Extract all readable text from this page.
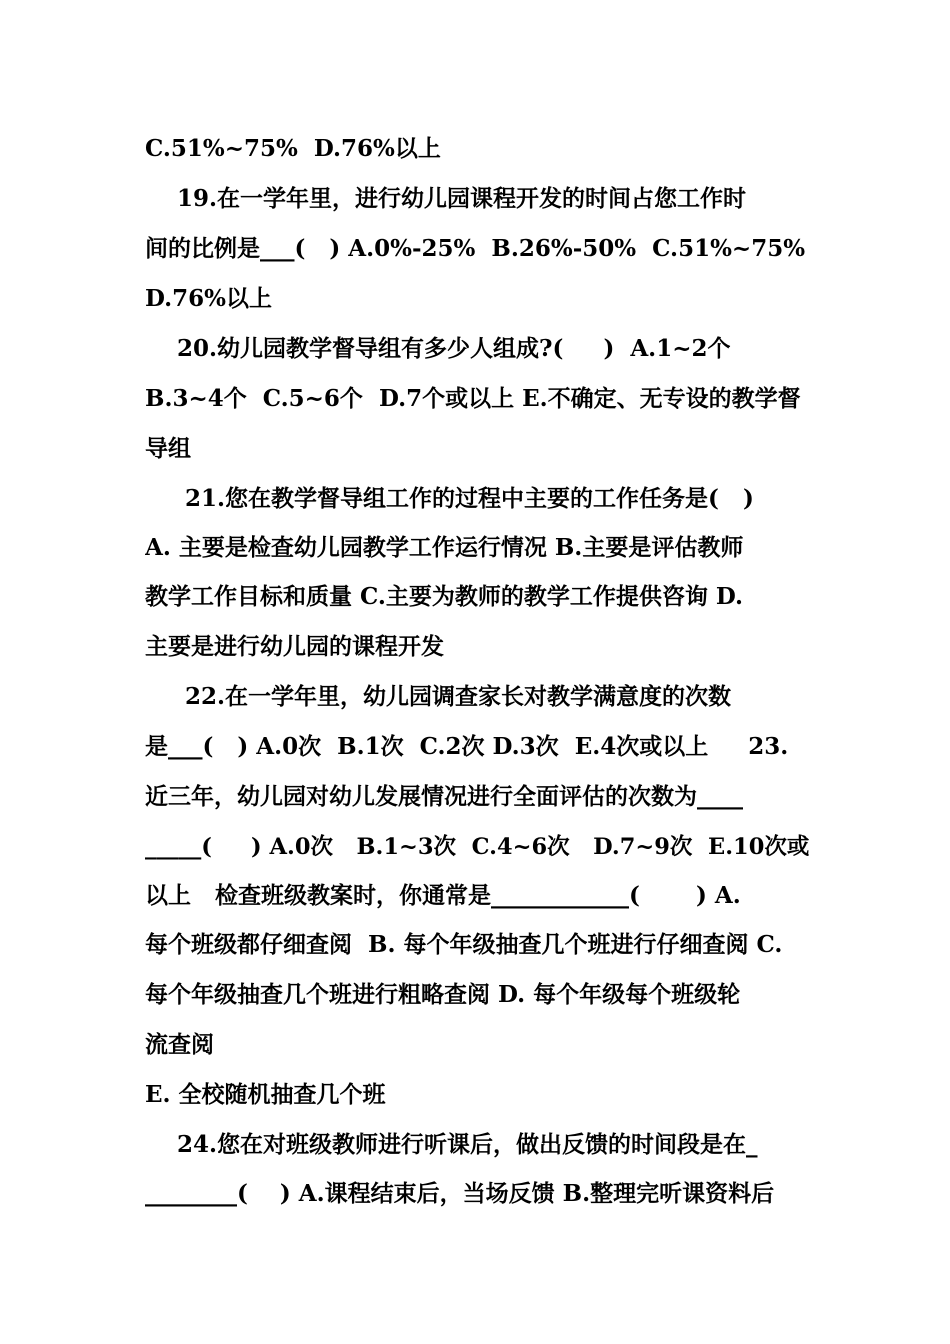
C.51%~75%  D.76%以上
19.在一学年里，进行幼儿园课程开发的时间占您工作时
间的比例是___(   ) A.0%-25%  B.26%-50%  C.51%~75%
D.76%以上
20.幼儿园教学督导组有多少人组成?(     )  A.1~2个
B.3~4个  C.5~6个  D.7个或以上 E.不确定、无专设的教学督
导组
21.您在教学督导组工作的过程中主要的工作任务是(   )
A. 主要是检查幼儿园教学工作运行情况 B.主要是评估教师
教学工作目标和质量 C.主要为教师的教学工作提供咨询 D.
主要是进行幼儿园的课程开发
22.在一学年里，幼儿园调查家长对教学满意度的次数
是___(   ) A.0次  B.1次  C.2次 D.3次  E.4次或以上     23.
近三年，幼儿园对幼儿发展情况进行全面评估的次数为____
_____(     ) A.0次   B.1~3次  C.4~6次   D.7~9次  E.10次或
以上   检查班级教案时，你通常是____________(       ) A.
每个班级都仔细查阅  B. 每个年级抽查几个班进行仔细查阅 C.
每个年级抽查几个班进行粗略查阅 D. 每个年级每个班级轮
流查阅
E. 全校随机抽查几个班
24.您在对班级教师进行听课后，做出反馈的时间段是在_
________(    ) A.课程结束后，当场反馈 B.整理完听课资料后
